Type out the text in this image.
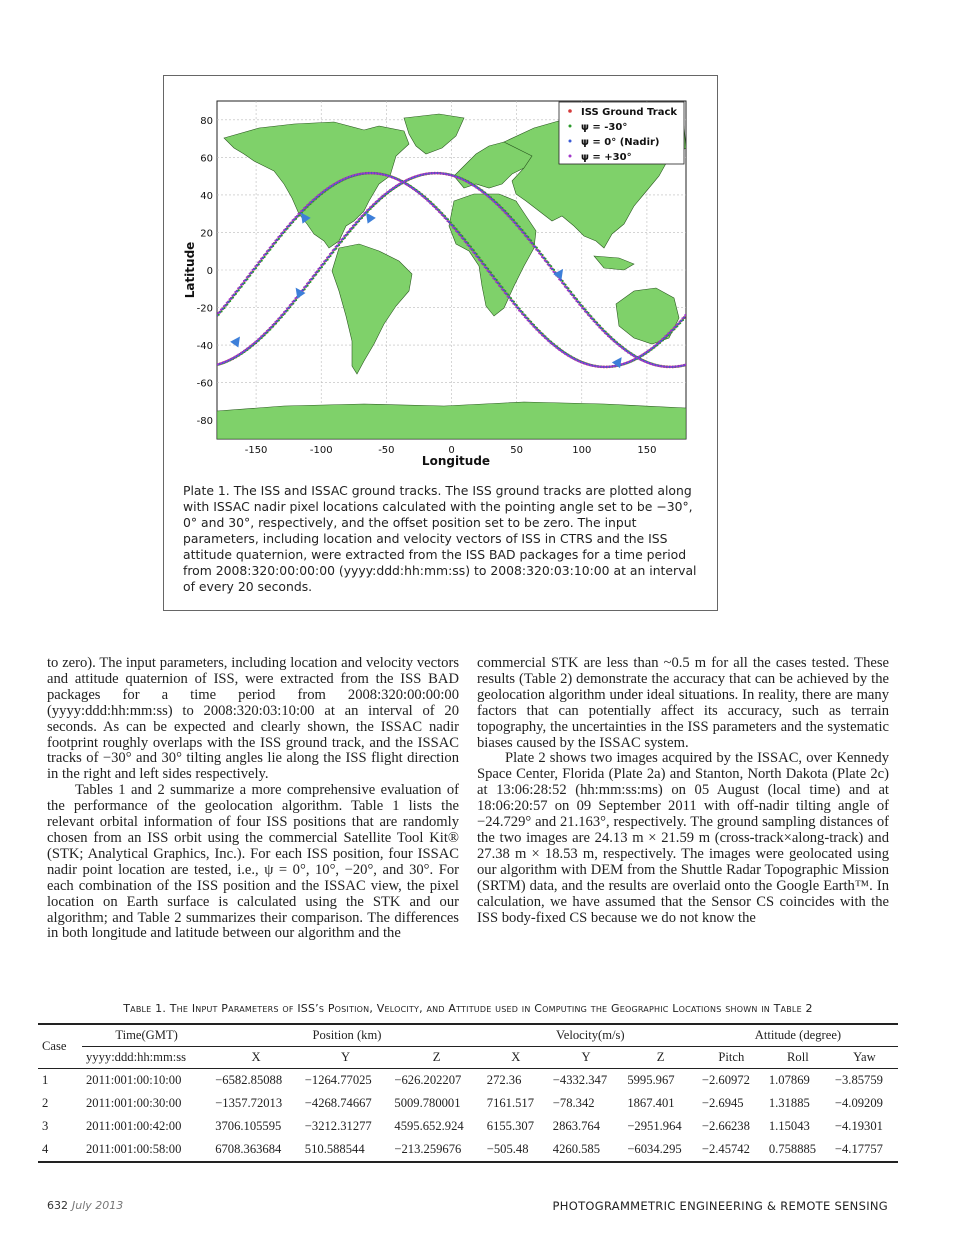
-150	-100	-50	0	50	100	150
80
60
40
20
0
-20
-40
-60
-80
Longitude
Latitude
ISS Ground Track
ψ = -30°
ψ = 0° (Nadir)
ψ = +30°
Plate 1. The ISS and ISSAC ground tracks. The ISS ground tracks are plotted along with ISSAC nadir pixel locations calculated with the pointing angle set to be −30°, 0° and 30°, respectively, and the offset position set to be zero. The input parameters, including location and velocity vectors of ISS in CTRS and the ISS attitude quaternion, were extracted from the ISS BAD packages for a time period from 2008:320:00:00:00 (yyyy:ddd:hh:mm:ss) to 2008:320:03:10:00 at an interval of every 20 seconds.

to zero). The input parameters, including location and velocity vectors and attitude quaternion of ISS, were extracted from the ISS BAD packages for a time period from 2008:320:00:00:00 (yyyy:ddd:hh:mm:ss) to 2008:320:03:10:00 at an interval of 20 seconds. As can be expected and clearly shown, the ISSAC nadir footprint roughly overlaps with the ISS ground track, and the ISSAC tracks of −30° and 30° tilting angles lie along the ISS flight direction in the right and left sides respectively.

Tables 1 and 2 summarize a more comprehensive evaluation of the performance of the geolocation algorithm. Table 1 lists the relevant orbital information of four ISS positions that are randomly chosen from an ISS orbit using the commercial Satellite Tool Kit® (STK; Analytical Graphics, Inc.). For each ISS position, four ISSAC nadir point location are tested, i.e., ψ = 0°, 10°, −20°, and 30°. For each combination of the ISS position and the ISSAC view, the pixel location on Earth surface is calculated using the STK and our algorithm; and Table 2 summarizes their comparison. The differences in both longitude and latitude between our algorithm and the

commercial STK are less than ~0.5 m for all the cases tested. These results (Table 2) demonstrate the accuracy that can be achieved by the geolocation algorithm under ideal situations. In reality, there are many factors that can potentially affect its accuracy, such as terrain topography, the uncertainties in the ISS parameters and the systematic biases caused by the ISSAC system.

Plate 2 shows two images acquired by the ISSAC, over Kennedy Space Center, Florida (Plate 2a) and Stanton, North Dakota (Plate 2c) at 13:06:28:52 (hh:mm:ss:ms) on 05 August (local time) and at 18:06:20:57 on 09 September 2011 with off-nadir tilting angle of −24.729° and 21.163°, respectively. The ground sampling distances of the two images are 24.13 m × 21.59 m (cross-track×along-track) and 27.38 m × 18.53 m, respectively. The images were geolocated using our algorithm with DEM from the Shuttle Radar Topographic Mission (SRTM) data, and the results are overlaid onto the Google Earth™. In calculation, we have assumed that the Sensor CS coincides with the ISS body-fixed CS because we do not know the

Table 1. The Input Parameters of ISS’s Position, Velocity, and Attitude used in Computing the Geographic Locations shown in Table 2
Case	Time(GMT)	Position (km)			Velocity(m/s)			Attitude (degree)		
	yyyy:ddd:hh:mm:ss	X	Y	Z	X	Y	Z	Pitch	Roll	Yaw
1	2011:001:00:10:00	−6582.85088	−1264.77025	−626.202207	272.36	−4332.347	5995.967	−2.60972	1.07869	−3.85759
2	2011:001:00:30:00	−1357.72013	−4268.74667	5009.780001	7161.517	−78.342	1867.401	−2.6945	1.31885	−4.09209
3	2011:001:00:42:00	3706.105595	−3212.31277	4595.652.924	6155.307	2863.764	−2951.964	−2.66238	1.15043	−4.19301
4	2011:001:00:58:00	6708.363684	510.588544	−213.259676	−505.48	4260.585	−6034.295	−2.45742	0.758885	−4.17757
632 July 2013	PHOTOGRAMMETRIC ENGINEERING & REMOTE SENSING
